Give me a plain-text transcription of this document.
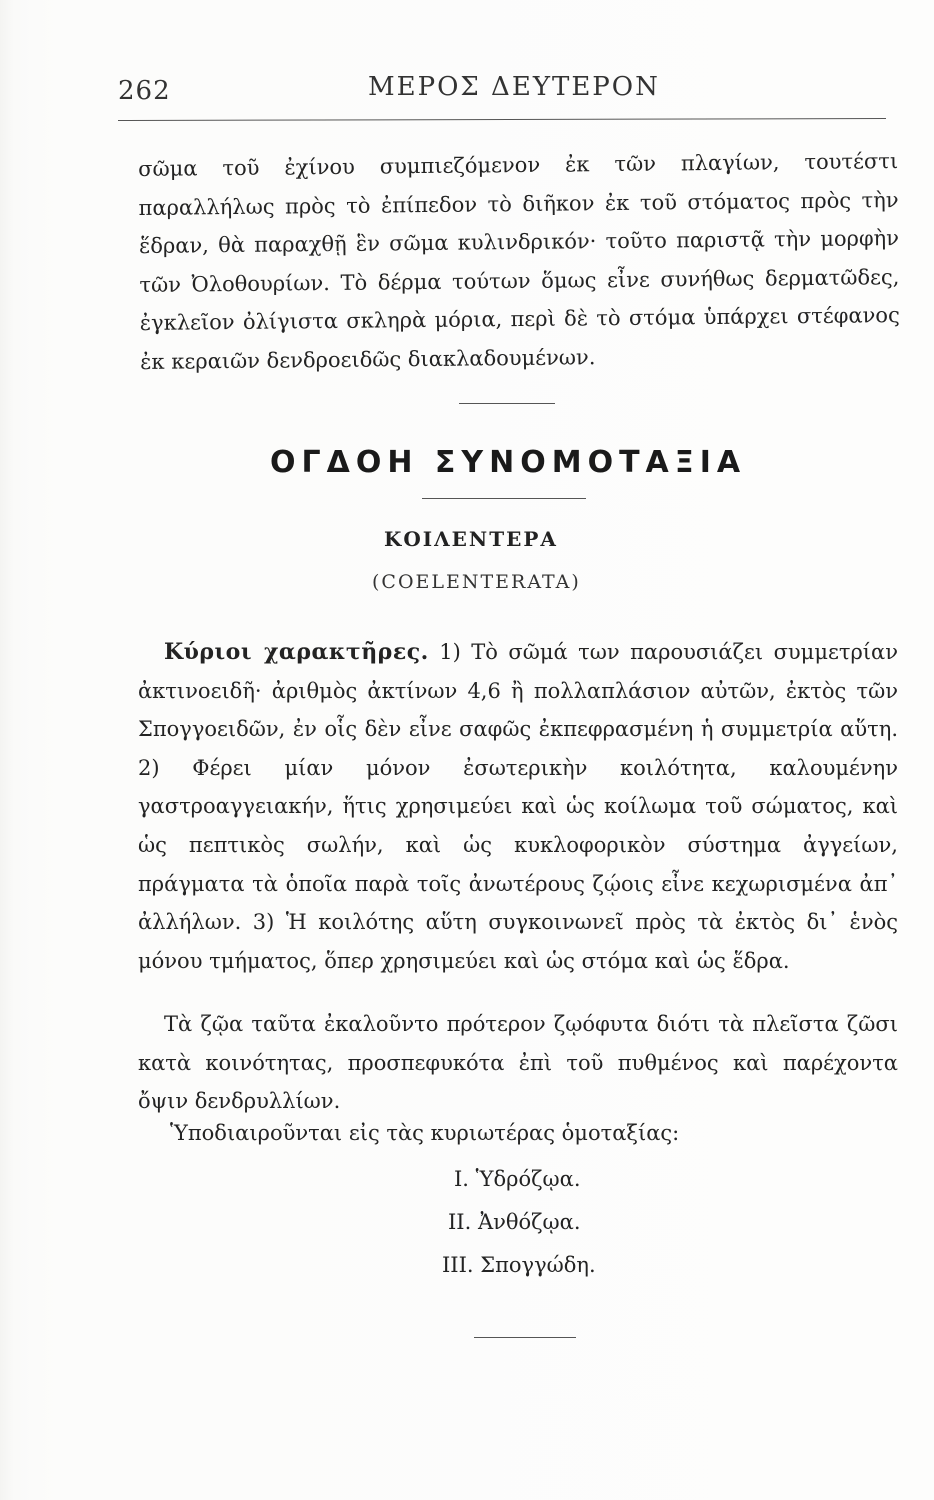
262	ΜΕΡΟΣ ΔΕΥΤΕΡΟΝ

σῶμα τοῦ ἐχίνου συμπιεζόμενον ἐκ τῶν πλαγίων, τουτέστι παραλλήλως πρὸς τὸ ἐπίπεδον τὸ διῆκον ἐκ τοῦ στόματος πρὸς τὴν ἕδραν, θὰ παραχθῇ ἓν σῶμα κυλινδρικόν· τοῦτο παριστᾷ τὴν μορφὴν τῶν Ὀλοθουρίων. Τὸ δέρμα τούτων ὅμως εἶνε συνήθως δερματῶδες, ἐγκλεῖον ὀλίγιστα σκληρὰ μόρια, περὶ δὲ τὸ στόμα ὑπάρχει στέφανος ἐκ κεραιῶν δενδροειδῶς διακλαδουμένων.

ΟΓΔΟΗ ΣΥΝΟΜΟΤΑΞΙΑ
ΚΟΙΛΕΝΤΕΡΑ
(COELENTERATA)

Κύριοι χαρακτῆρες. 1) Τὸ σῶμά των παρουσιάζει συμμετρίαν ἀκτινοειδῆ· ἀριθμὸς ἀκτίνων 4,6 ἢ πολλαπλάσιον αὐτῶν, ἐκτὸς τῶν Σπογγοειδῶν, ἐν οἷς δὲν εἶνε σαφῶς ἐκπεφρασμένη ἡ συμμετρία αὕτη. 2) Φέρει μίαν μόνον ἐσωτερικὴν κοιλότητα, καλουμένην γαστροαγγειακήν, ἥτις χρησιμεύει καὶ ὡς κοίλωμα τοῦ σώματος, καὶ ὡς πεπτικὸς σωλήν, καὶ ὡς κυκλοφορικὸν σύστημα ἀγγείων, πράγματα τὰ ὁποῖα παρὰ τοῖς ἀνωτέρους ζῴοις εἶνε κεχωρισμένα ἀπ᾽ ἀλλήλων. 3) Ἡ κοιλότης αὕτη συγκοινωνεῖ πρὸς τὰ ἐκτὸς δι᾽ ἑνὸς μόνου τμήματος, ὅπερ χρησιμεύει καὶ ὡς στόμα καὶ ὡς ἕδρα.

Τὰ ζῷα ταῦτα ἐκαλοῦντο πρότερον ζῳόφυτα διότι τὰ πλεῖστα ζῶσι κατὰ κοινότητας, προσπεφυκότα ἐπὶ τοῦ πυθμένος καὶ παρέχοντα ὄψιν δενδρυλλίων.

Ὑποδιαιροῦνται εἰς τὰς κυριωτέρας ὁμοταξίας:
I. Ὑδρόζῳα.
II. Ἀνθόζῳα.
III. Σπογγώδη.
